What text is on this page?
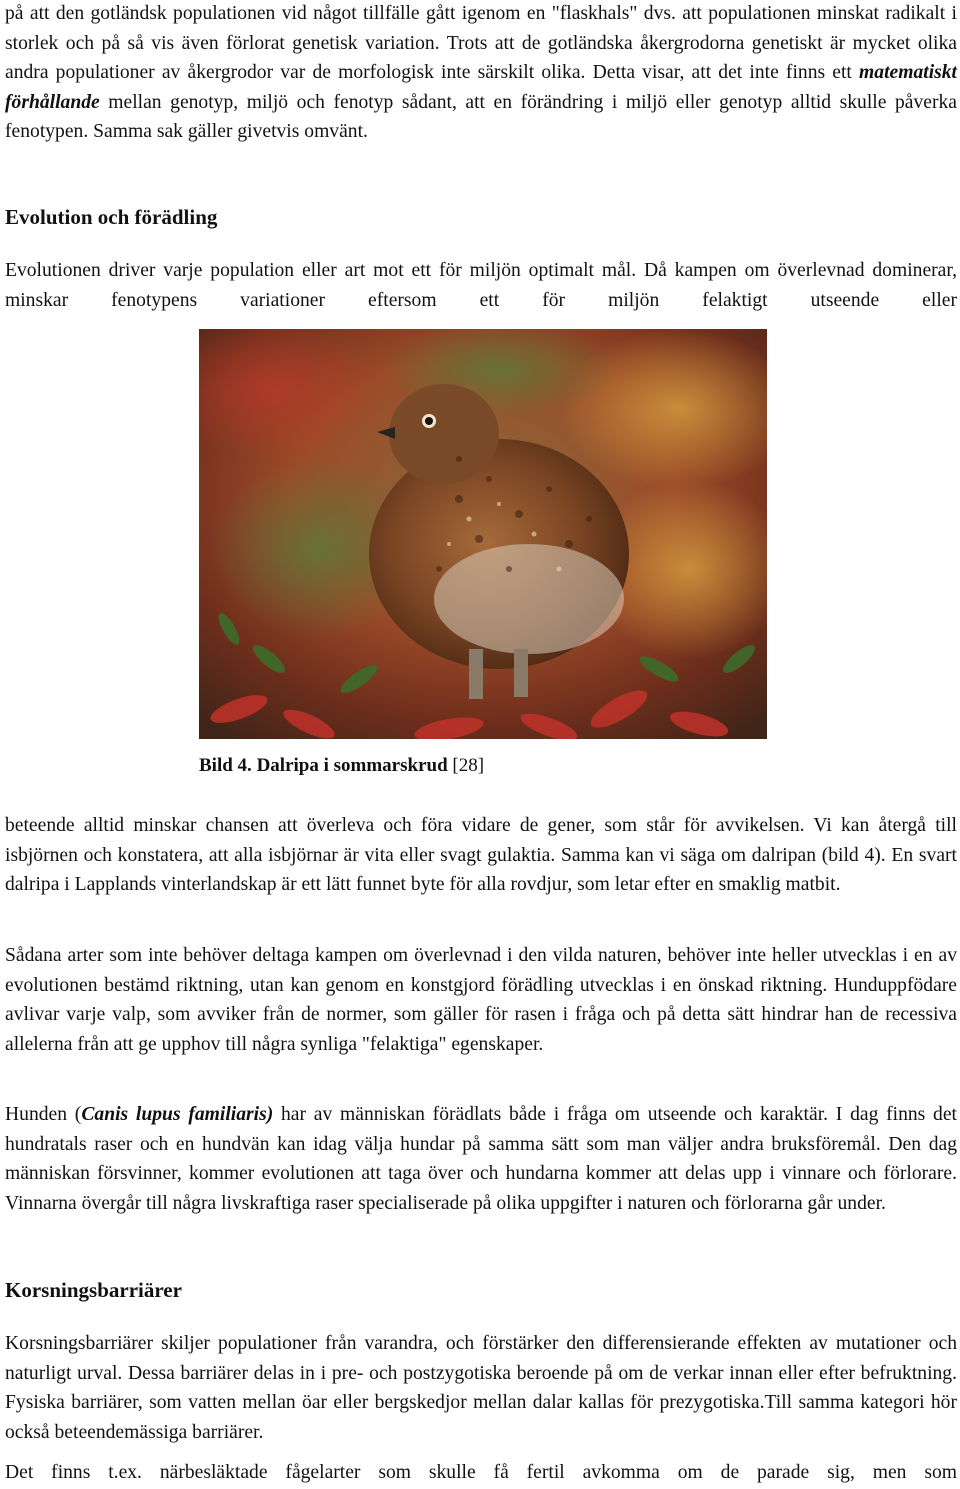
på att den gotländsk populationen vid något tillfälle gått igenom en "flaskhals" dvs. att populationen minskat radikalt i storlek och på så vis även förlorat genetisk variation. Trots att de gotländska åkergrodorna genetiskt är mycket olika andra populationer av åkergrodor var de morfologisk inte särskilt olika. Detta visar, att det inte finns ett matematiskt förhållande mellan genotyp, miljö och fenotyp sådant, att en förändring i miljö eller genotyp alltid skulle påverka fenotypen. Samma sak gäller givetvis omvänt.

Evolution och förädling

Evolutionen driver varje population eller art mot ett för miljön optimalt mål. Då kampen om överlevnad dominerar, minskar fenotypens variationer eftersom ett för miljön felaktigt utseende eller

Bild 4. Dalripa i sommarskrud [28]

beteende alltid minskar chansen att överleva och föra vidare de gener, som står för avvikelsen. Vi kan återgå till isbjörnen och konstatera, att alla isbjörnar är vita eller svagt gulaktia. Samma kan vi säga om dalripan (bild 4). En svart dalripa i Lapplands vinterlandskap är ett lätt funnet byte för alla rovdjur, som letar efter en smaklig matbit.

Sådana arter som inte behöver deltaga kampen om överlevnad i den vilda naturen, behöver inte heller utvecklas i en av evolutionen bestämd riktning, utan kan genom en konstgjord förädling utvecklas i en önskad riktning. Hunduppfödare avlivar varje valp, som avviker från de normer, som gäller för rasen i fråga och på detta sätt hindrar han de recessiva allelerna från att ge upphov till några synliga "felaktiga" egenskaper.

Hunden (Canis lupus familiaris) har av människan förädlats både i fråga om utseende och karaktär. I dag finns det hundratals raser och en hundvän kan idag välja hundar på samma sätt som man väljer andra bruksföremål. Den dag människan försvinner, kommer evolutionen att taga över och hundarna kommer att delas upp i vinnare och förlorare. Vinnarna övergår till några livskraftiga raser specialiserade på olika uppgifter i naturen och förlorarna går under.

Korsningsbarriärer

Korsningsbarriärer skiljer populationer från varandra, och förstärker den differensierande effekten av mutationer och naturligt urval. Dessa barriärer delas in i pre- och postzygotiska beroende på om de verkar innan eller efter befruktning. Fysiska barriärer, som vatten mellan öar eller bergskedjor mellan dalar kallas för prezygotiska.Till samma kategori hör också beteendemässiga barriärer.

Det finns t.ex. närbesläktade fågelarter som skulle få fertil avkomma om de parade sig, men som
